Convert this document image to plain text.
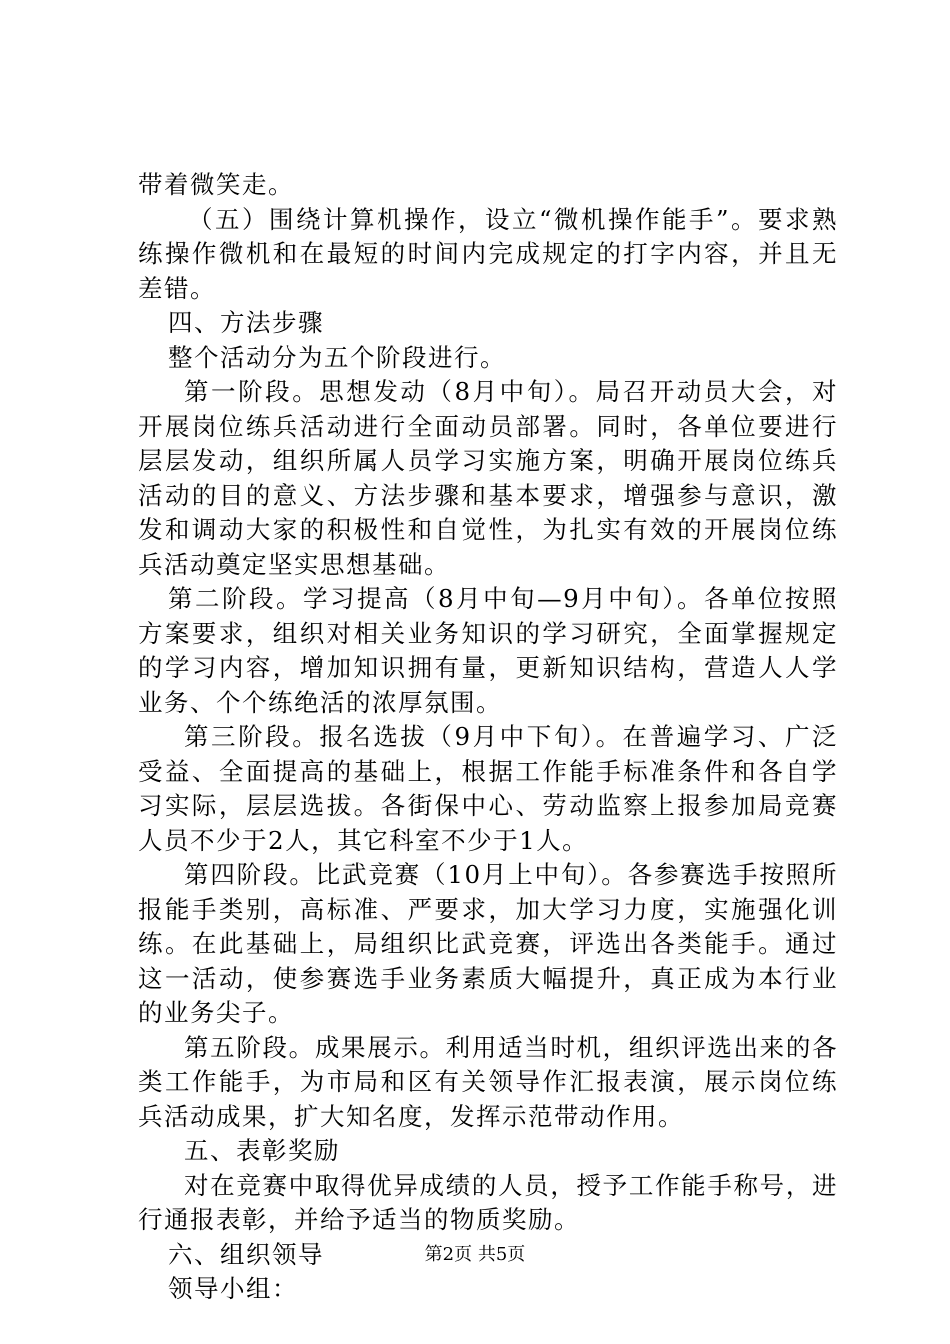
带着微笑走。

（五）围绕计算机操作，设立“微机操作能手”。要求熟练操作微机和在最短的时间内完成规定的打字内容，并且无差错。

四、方法步骤

整个活动分为五个阶段进行。

第一阶段。思想发动（8月中旬）。局召开动员大会，对开展岗位练兵活动进行全面动员部署。同时，各单位要进行层层发动，组织所属人员学习实施方案，明确开展岗位练兵活动的目的意义、方法步骤和基本要求，增强参与意识，激发和调动大家的积极性和自觉性，为扎实有效的开展岗位练兵活动奠定坚实思想基础。

第二阶段。学习提高（8月中旬—9月中旬）。各单位按照方案要求，组织对相关业务知识的学习研究，全面掌握规定的学习内容，增加知识拥有量，更新知识结构，营造人人学业务、个个练绝活的浓厚氛围。

第三阶段。报名选拔（9月中下旬）。在普遍学习、广泛受益、全面提高的基础上，根据工作能手标准条件和各自学习实际，层层选拔。各街保中心、劳动监察上报参加局竞赛人员不少于2人，其它科室不少于1人。

第四阶段。比武竞赛（10月上中旬）。各参赛选手按照所报能手类别，高标准、严要求，加大学习力度，实施强化训练。在此基础上，局组织比武竞赛，评选出各类能手。通过这一活动，使参赛选手业务素质大幅提升，真正成为本行业的业务尖子。

第五阶段。成果展示。利用适当时机，组织评选出来的各类工作能手，为市局和区有关领导作汇报表演，展示岗位练兵活动成果，扩大知名度，发挥示范带动作用。

五、表彰奖励

对在竞赛中取得优异成绩的人员，授予工作能手称号，进行通报表彰，并给予适当的物质奖励。

六、组织领导

领导小组：

第2页 共5页
